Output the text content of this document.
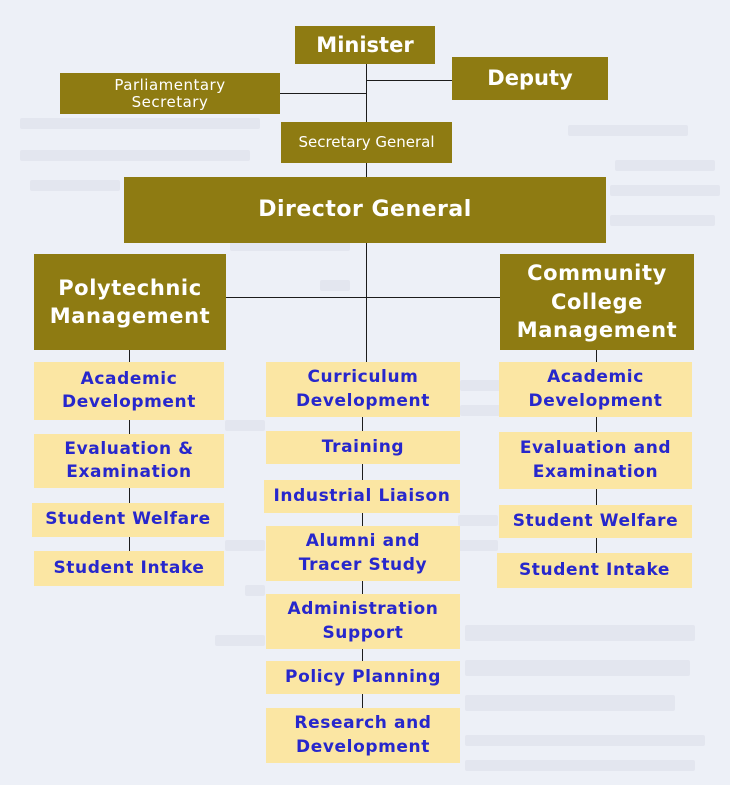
Minister
Deputy
Parliamentary
Secretary
Secretary General
Director General
Polytechnic
Management
Community
College
Management
Academic
Development
Evaluation &
Examination
Student Welfare
Student Intake
Curriculum
Development
Training
Industrial Liaison
Alumni and
Tracer Study
Administration
Support
Policy Planning
Research and
Development
Academic
Development
Evaluation and
Examination
Student Welfare
Student Intake
